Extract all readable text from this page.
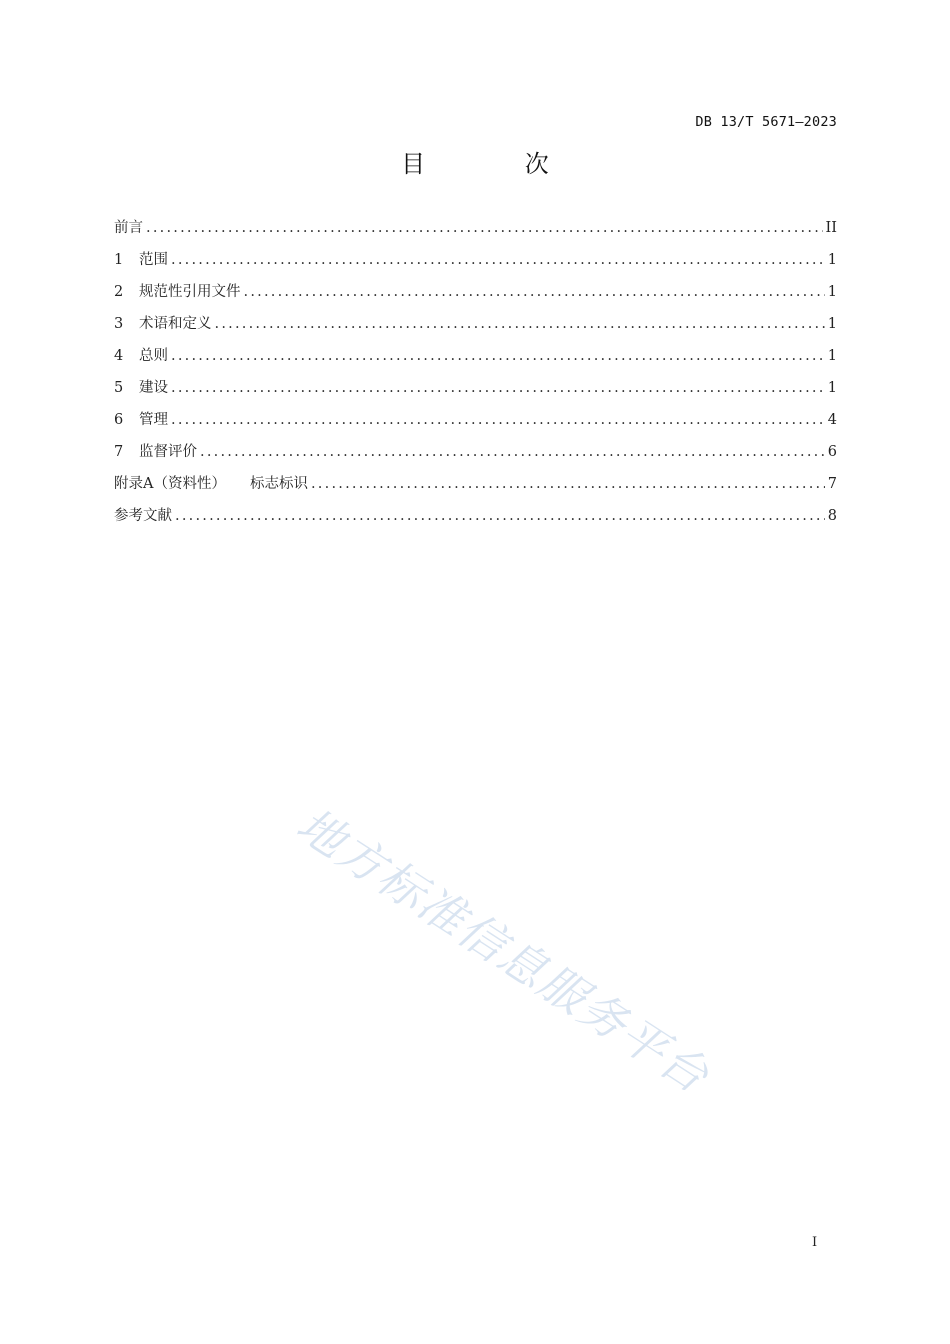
DB 13/T 5671—2023
目 次
前言 . . .	II
1	范围 . . .	1
2	规范性引用文件 . . .	1
3	术语和定义 . . .	1
4	总则 . . .	1
5	建设 . . .	1
6	管理 . . .	4
7	监督评价 . . .	6
附录A（资料性） 标志标识 . . .	7
参考文献 . . .	8
地方标准信息服务平台
I
